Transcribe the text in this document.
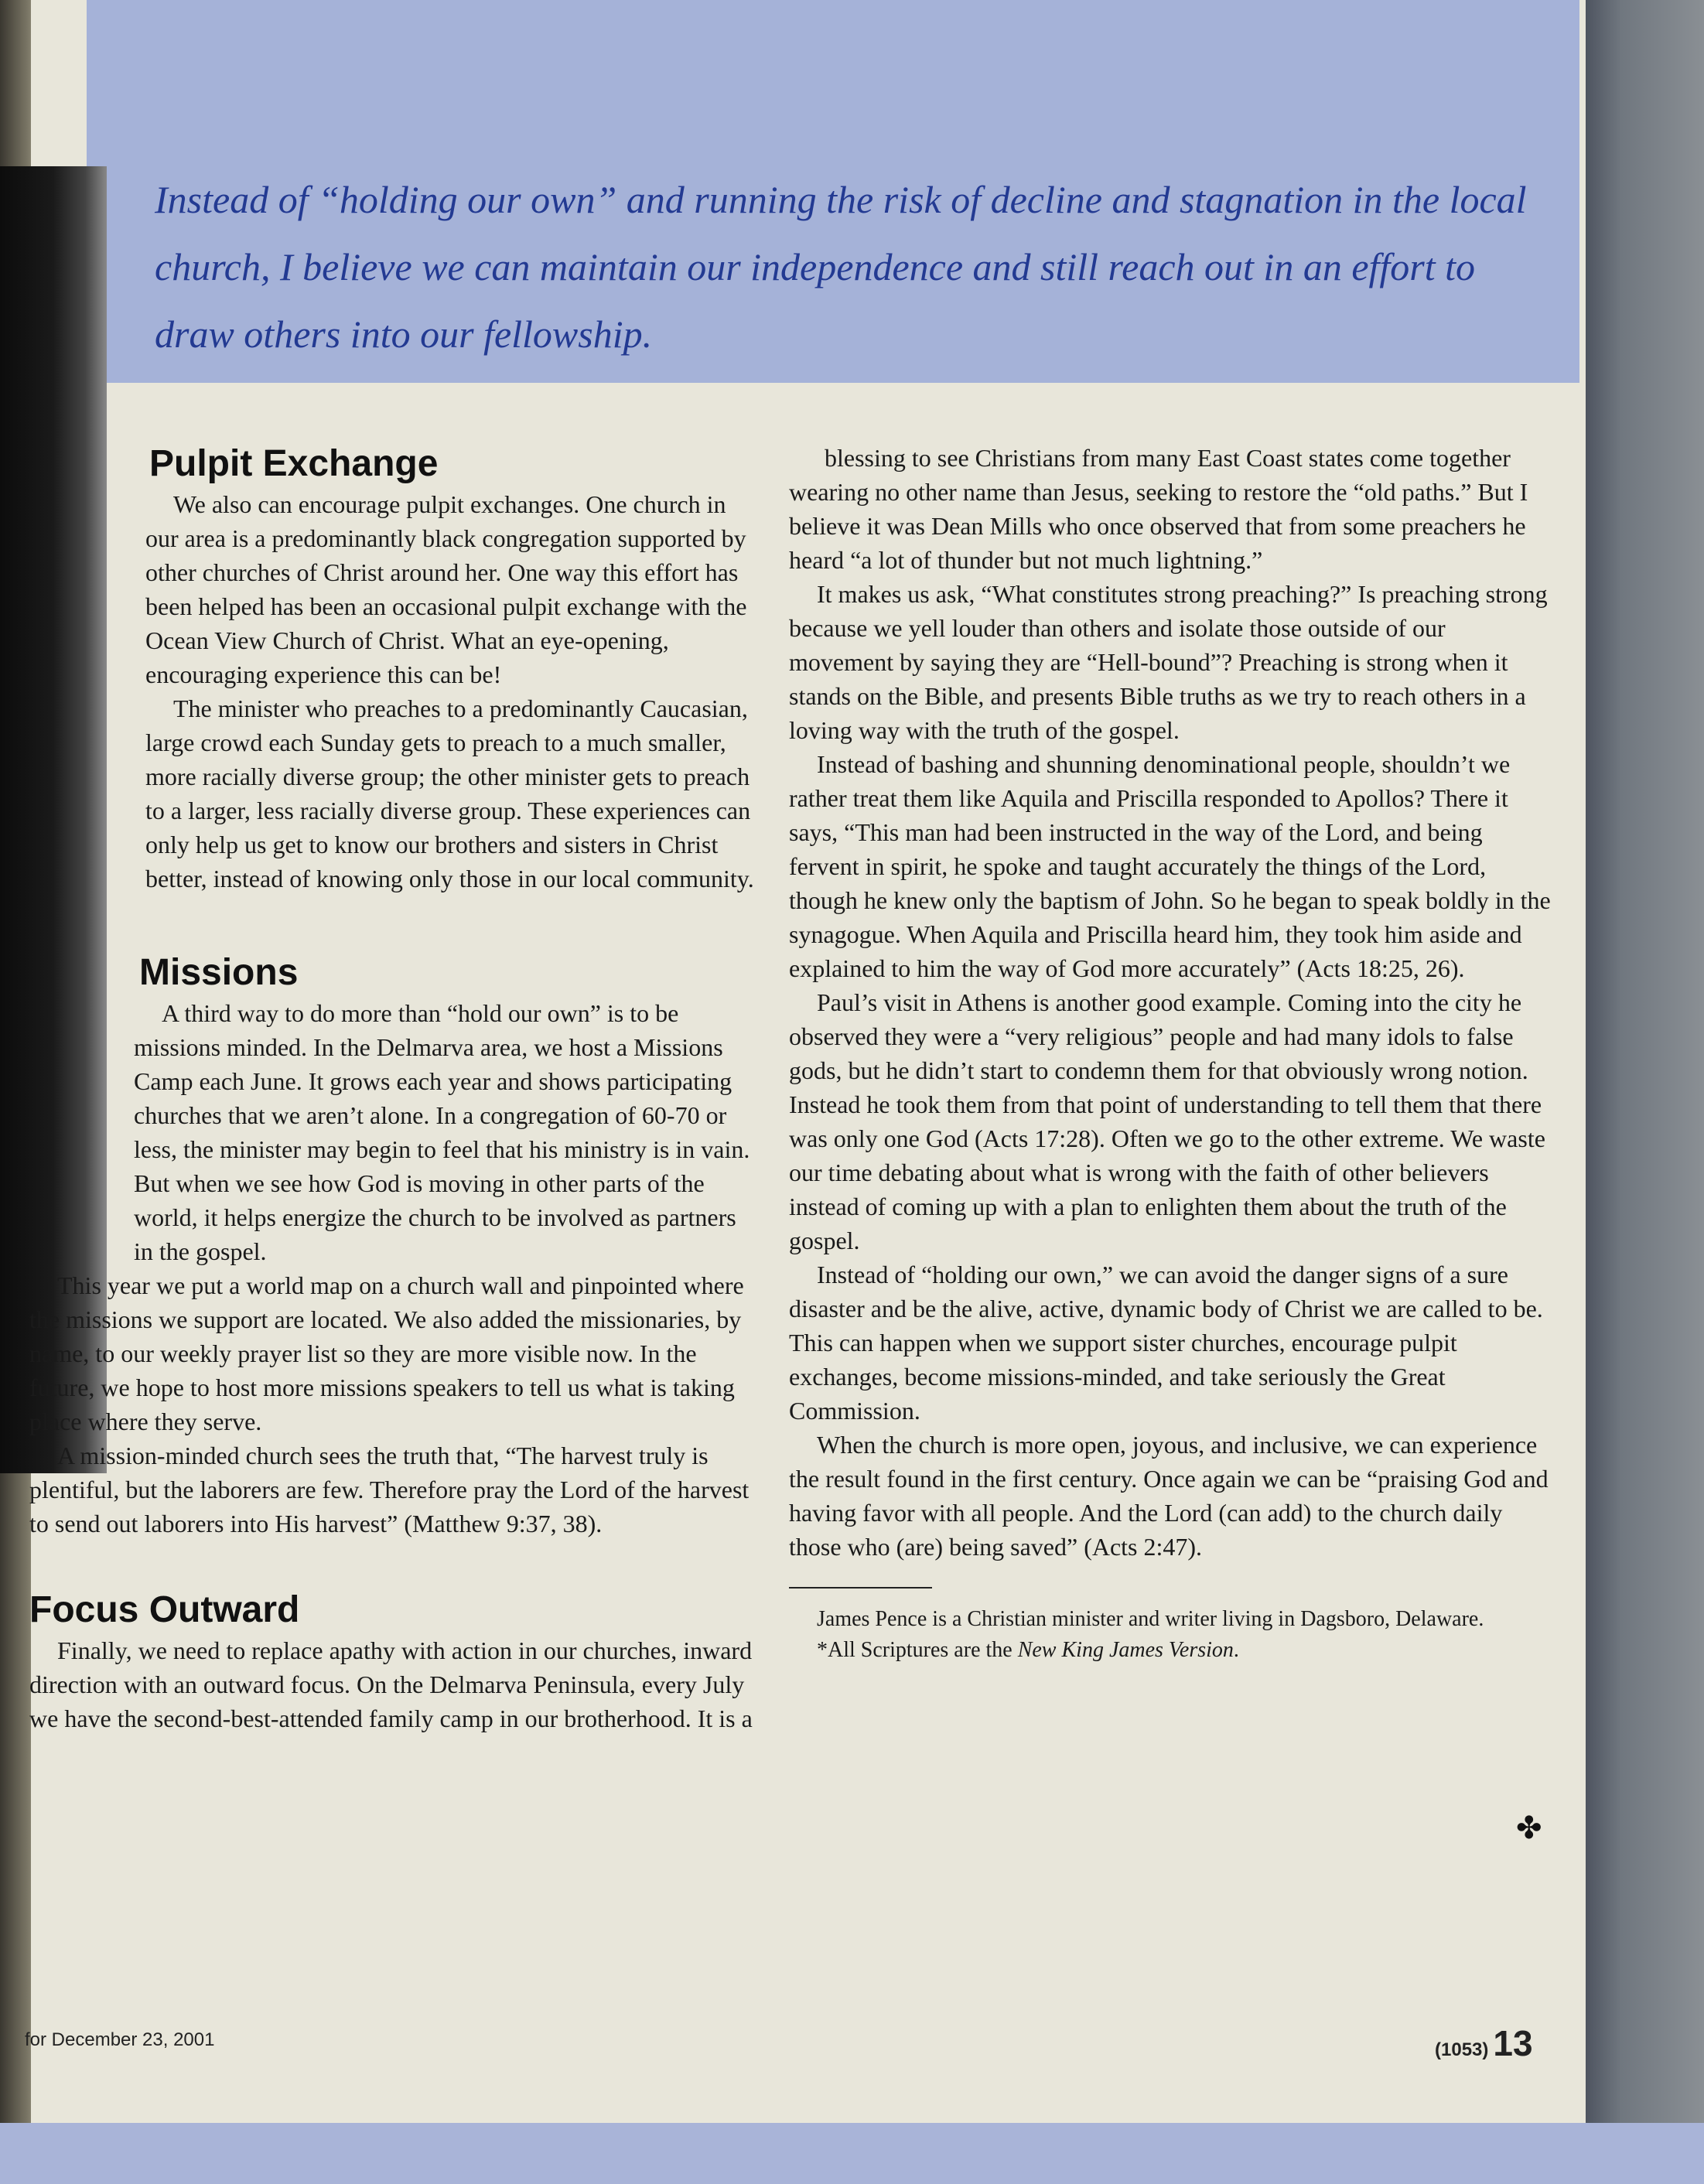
Instead of “holding our own” and running the risk of decline and stagnation in the local church, I believe we can maintain our independence and still reach out in an effort to draw others into our fellowship.
Pulpit Exchange

We also can encourage pulpit exchanges. One church in our area is a predominantly black congregation supported by other churches of Christ around her. One way this effort has been helped has been an occasional pulpit exchange with the Ocean View Church of Christ. What an eye-opening, encouraging experience this can be!

The minister who preaches to a predominantly Caucasian, large crowd each Sunday gets to preach to a much smaller, more racially diverse group; the other minister gets to preach to a larger, less racially diverse group. These experiences can only help us get to know our brothers and sisters in Christ better, instead of knowing only those in our local community.

Missions

A third way to do more than “hold our own” is to be missions minded. In the Delmarva area, we host a Missions Camp each June. It grows each year and shows participating churches that we aren’t alone. In a congregation of 60-70 or less, the minister may begin to feel that his ministry is in vain. But when we see how God is moving in other parts of the world, it helps energize the church to be involved as partners in the gospel.

This year we put a world map on a church wall and pinpointed where the missions we support are located. We also added the missionaries, by name, to our weekly prayer list so they are more visible now. In the future, we hope to host more missions speakers to tell us what is taking place where they serve.

A mission-minded church sees the truth that, “The harvest truly is plentiful, but the laborers are few. Therefore pray the Lord of the harvest to send out laborers into His harvest” (Matthew 9:37, 38).

Focus Outward

Finally, we need to replace apathy with action in our churches, inward direction with an outward focus. On the Delmarva Peninsula, every July we have the second-best-attended family camp in our brotherhood. It is a

blessing to see Christians from many East Coast states come together wearing no other name than Jesus, seeking to restore the “old paths.” But I believe it was Dean Mills who once observed that from some preachers he heard “a lot of thunder but not much lightning.”

It makes us ask, “What constitutes strong preaching?” Is preaching strong because we yell louder than others and isolate those outside of our movement by saying they are “Hell-bound”? Preaching is strong when it stands on the Bible, and presents Bible truths as we try to reach others in a loving way with the truth of the gospel.

Instead of bashing and shunning denominational people, shouldn’t we rather treat them like Aquila and Priscilla responded to Apollos? There it says, “This man had been instructed in the way of the Lord, and being fervent in spirit, he spoke and taught accurately the things of the Lord, though he knew only the baptism of John. So he began to speak boldly in the synagogue. When Aquila and Priscilla heard him, they took him aside and explained to him the way of God more accurately” (Acts 18:25, 26).

Paul’s visit in Athens is another good example. Coming into the city he observed they were a “very religious” people and had many idols to false gods, but he didn’t start to condemn them for that obviously wrong notion. Instead he took them from that point of understanding to tell them that there was only one God (Acts 17:28). Often we go to the other extreme. We waste our time debating about what is wrong with the faith of other believers instead of coming up with a plan to enlighten them about the truth of the gospel.

Instead of “holding our own,” we can avoid the danger signs of a sure disaster and be the alive, active, dynamic body of Christ we are called to be. This can happen when we support sister churches, encourage pulpit exchanges, become missions-minded, and take seriously the Great Commission.

When the church is more open, joyous, and inclusive, we can experience the result found in the first century. Once again we can be “praising God and having favor with all people. And the Lord (can add) to the church daily those who (are) being saved” (Acts 2:47).

James Pence is a Christian minister and writer living in Dagsboro, Delaware.

*All Scriptures are the New King James Version.

✤
for December 23, 2001	(1053) 13
